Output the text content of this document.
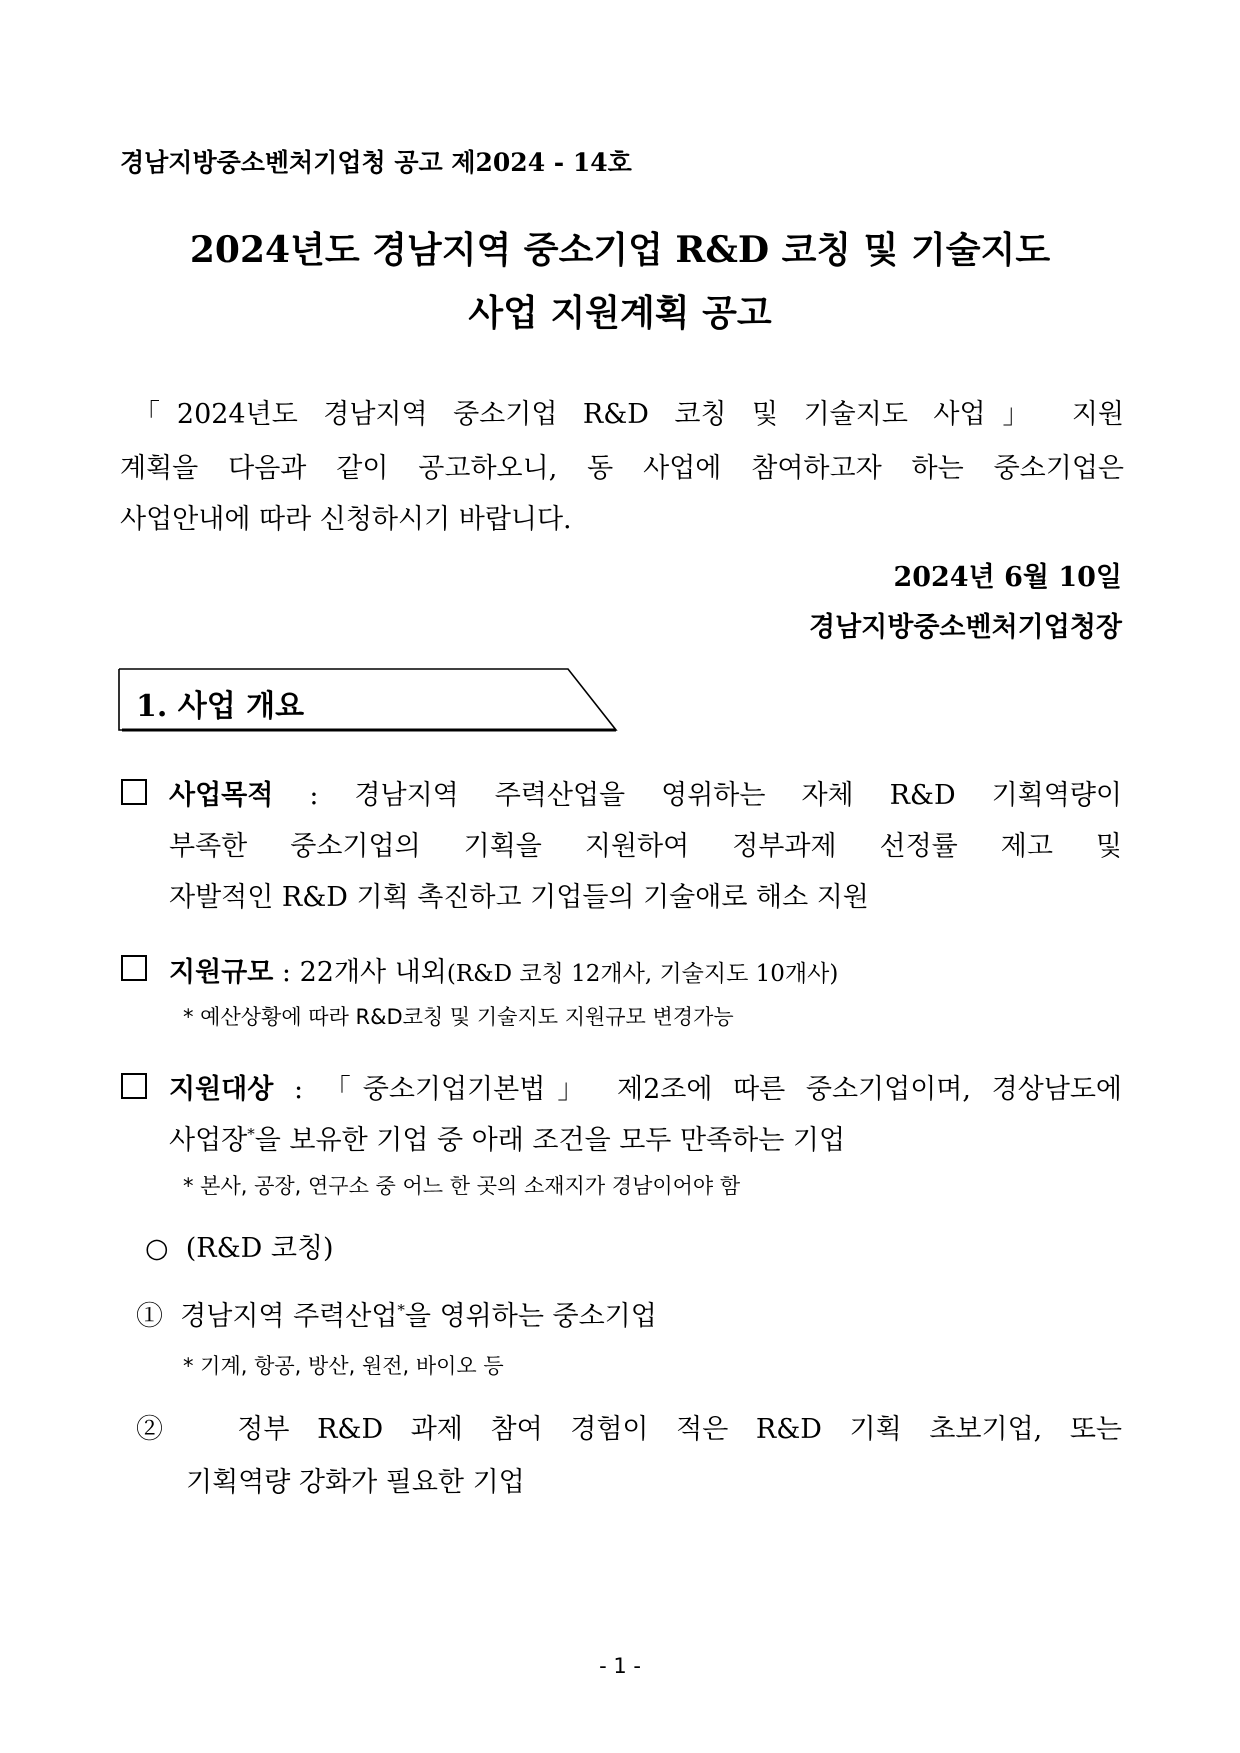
경남지방중소벤처기업청 공고 제2024 - 14호
2024년도 경남지역 중소기업 R&D 코칭 및 기술지도
사업 지원계획 공고
「2024년도 경남지역 중소기업 R&D 코칭 및 기술지도 사업」 지원
계획을 다음과 같이 공고하오니, 동 사업에 참여하고자 하는 중소기업은
사업안내에 따라 신청하시기 바랍니다.
2024년 6월 10일
경남지방중소벤처기업청장
1. 사업 개요
사업목적 : 경남지역 주력산업을 영위하는 자체 R&D 기획역량이
부족한 중소기업의 기획을 지원하여 정부과제 선정률 제고 및
자발적인 R&D 기획 촉진하고 기업들의 기술애로 해소 지원
지원규모 : 22개사 내외(R&D 코칭 12개사, 기술지도 10개사)
* 예산상황에 따라 R&D코칭 및 기술지도 지원규모 변경가능
지원대상 : 「중소기업기본법」 제2조에 따른 중소기업이며, 경상남도에
사업장*을 보유한 기업 중 아래 조건을 모두 만족하는 기업
* 본사, 공장, 연구소 중 어느 한 곳의 소재지가 경남이어야 함
○ (R&D 코칭)
① 경남지역 주력산업*을 영위하는 중소기업
* 기계, 항공, 방산, 원전, 바이오 등
② 정부 R&D 과제 참여 경험이 적은 R&D 기획 초보기업, 또는
기획역량 강화가 필요한 기업
- 1 -
